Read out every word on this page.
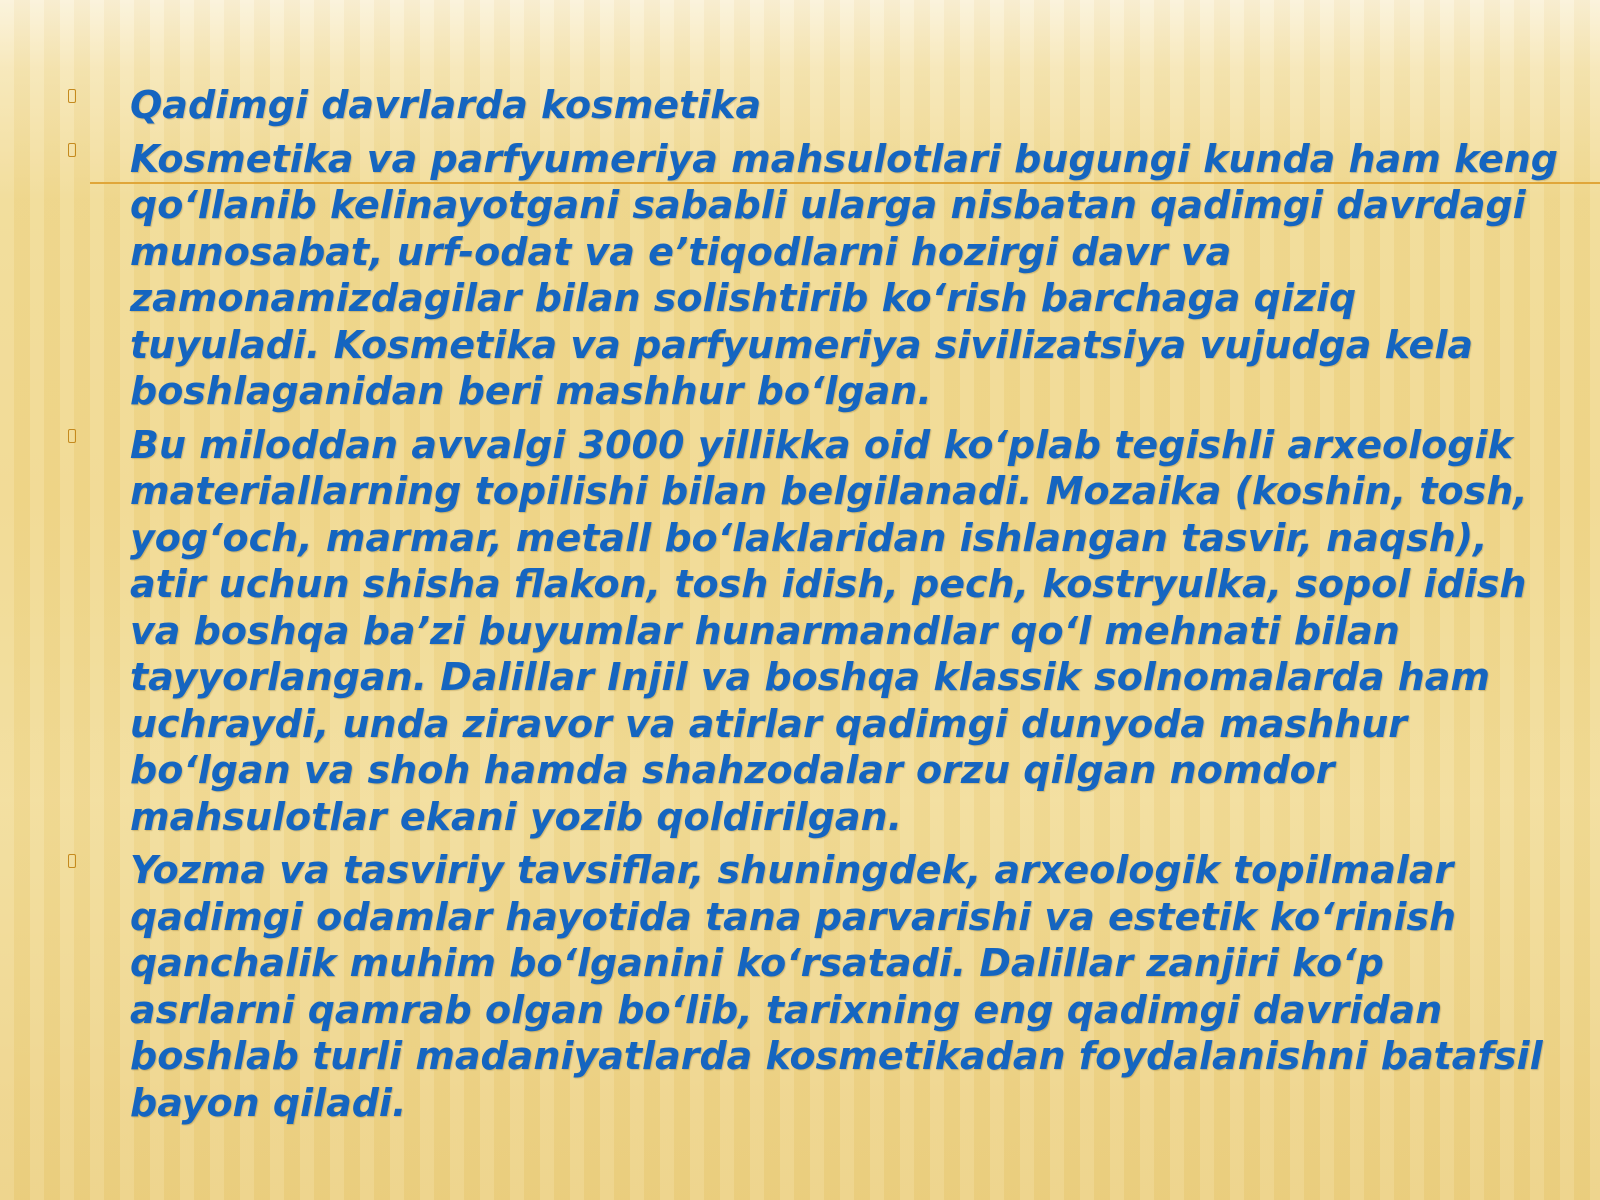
Qadimgi davrlarda kosmetika
Kosmetika va parfyumeriya mahsulotlari bugungi kunda ham keng qo‘llanib kelinayotgani sababli ularga nisbatan qadimgi davrdagi munosabat, urf-odat va e’tiqodlarni hozirgi davr va zamonamizdagilar bilan solishtirib ko‘rish barchaga qiziq tuyuladi. Kosmetika va parfyumeriya sivilizatsiya vujudga kela boshlaganidan beri mashhur bo‘lgan.
Bu miloddan avvalgi 3000 yillikka oid ko‘plab tegishli arxeologik materiallarning topilishi bilan belgilanadi. Mozaika (koshin, tosh, yog‘och, marmar, metall bo‘laklaridan ishlangan tasvir, naqsh), atir uchun shisha flakon, tosh idish, pech, kostryulka, sopol idish va boshqa ba’zi buyumlar hunarmandlar qo‘l mehnati bilan tayyorlangan. Dalillar Injil va boshqa klassik solnomalarda ham uchraydi, unda ziravor va atirlar qadimgi dunyoda mashhur bo‘lgan va shoh hamda shahzodalar orzu qilgan nomdor mahsulotlar ekani yozib qoldirilgan.
Yozma va tasviriy tavsiflar, shuningdek, arxeologik topilmalar qadimgi odamlar hayotida tana parvarishi va estetik ko‘rinish qanchalik muhim bo‘lganini ko‘rsatadi. Dalillar zanjiri ko‘p asrlarni qamrab olgan bo‘lib, tarixning eng qadimgi davridan boshlab turli madaniyatlarda kosmetikadan foydalanishni batafsil bayon qiladi.
